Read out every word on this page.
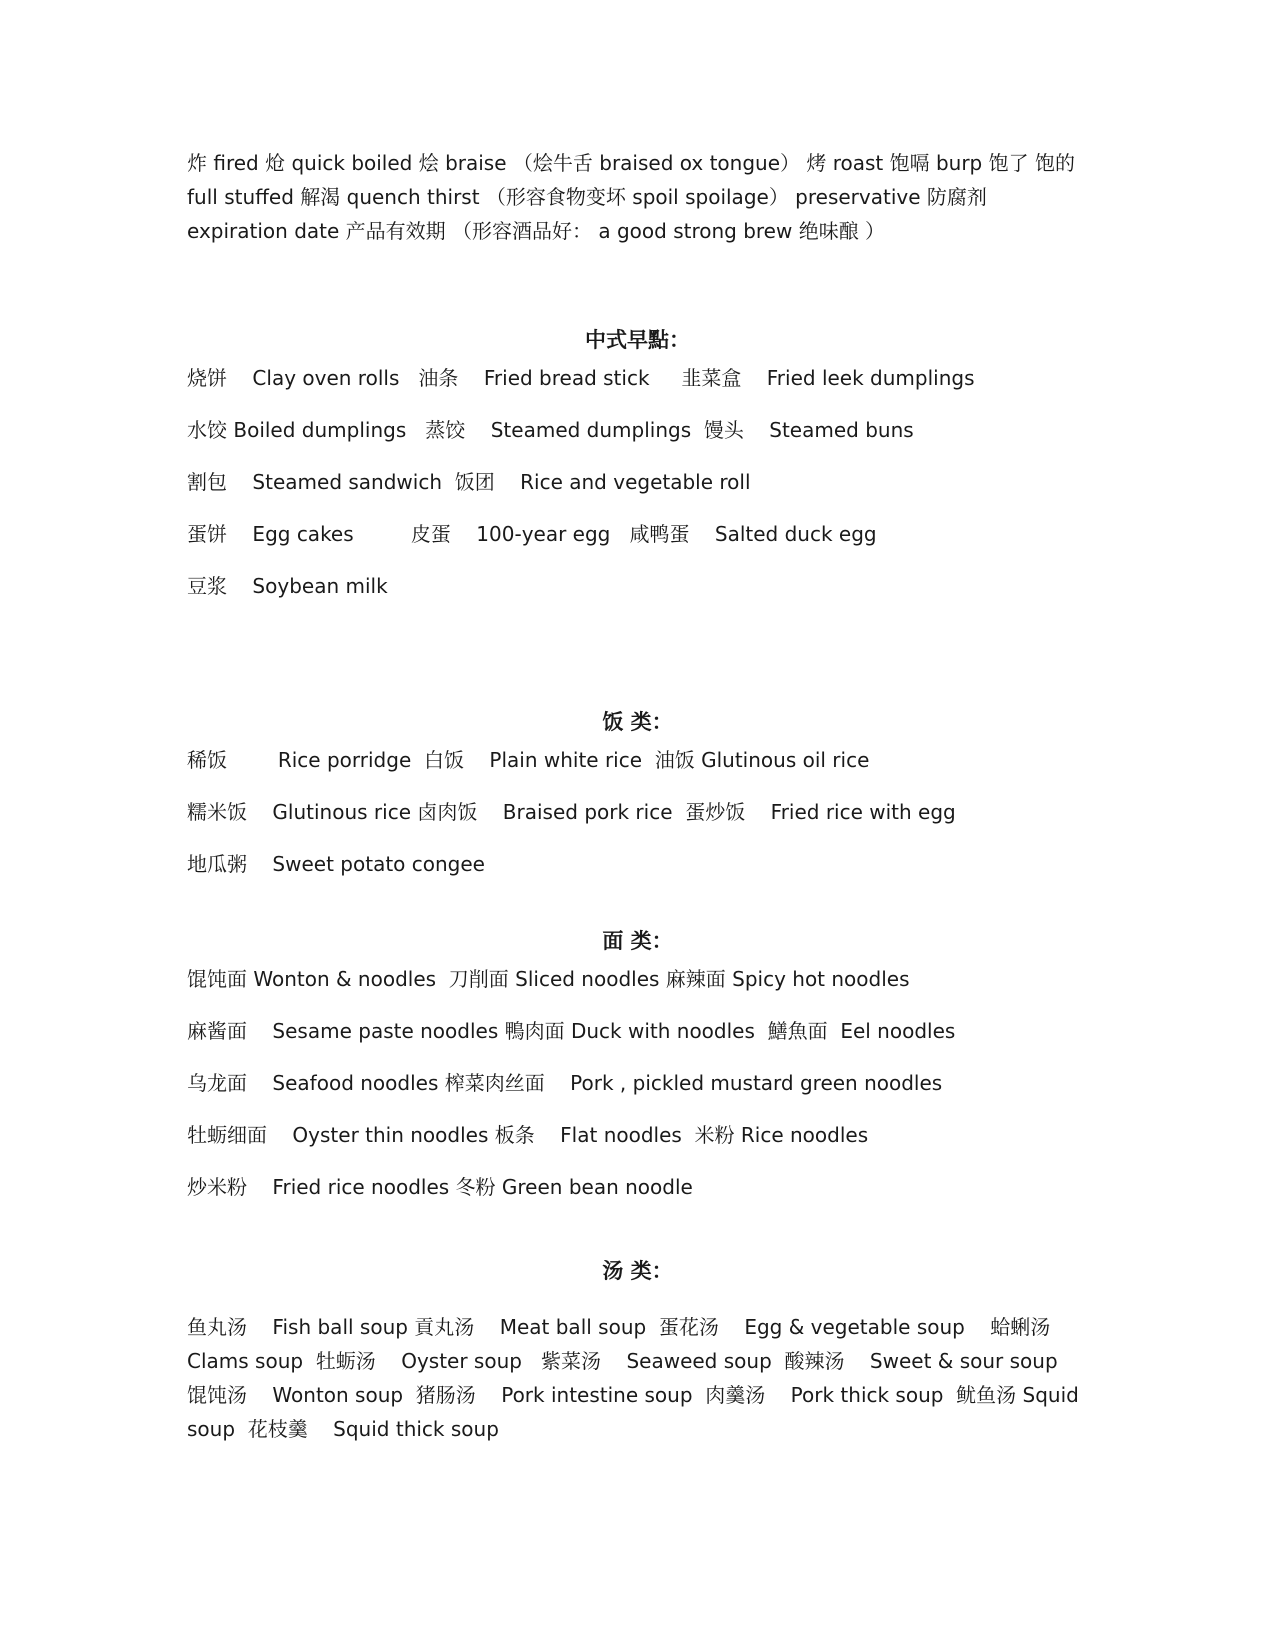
炸 fired 炝 quick boiled 烩 braise （烩牛舌 braised ox tongue） 烤 roast 饱嗝 burp 饱了 饱的 full stuffed 解渴 quench thirst （形容食物变坏 spoil spoilage） preservative 防腐剂 expiration date 产品有效期 （形容酒品好： a good strong brew 绝味酿 ）

中式早點：

烧饼    Clay oven rolls   油条    Fried bread stick     韭菜盒    Fried leek dumplings

水饺 Boiled dumplings   蒸饺    Steamed dumplings  馒头    Steamed buns

割包    Steamed sandwich  饭团    Rice and vegetable roll

蛋饼    Egg cakes         皮蛋    100-year egg   咸鸭蛋    Salted duck egg

豆浆    Soybean milk

饭 类：

稀饭        Rice porridge  白饭    Plain white rice  油饭 Glutinous oil rice

糯米饭    Glutinous rice 卤肉饭    Braised pork rice  蛋炒饭    Fried rice with egg

地瓜粥    Sweet potato congee

面 类：

馄饨面 Wonton & noodles  刀削面 Sliced noodles 麻辣面 Spicy hot noodles

麻酱面    Sesame paste noodles 鴨肉面 Duck with noodles  鱔魚面  Eel noodles

乌龙面    Seafood noodles 榨菜肉丝面    Pork , pickled mustard green noodles

牡蛎细面    Oyster thin noodles 板条    Flat noodles  米粉 Rice noodles

炒米粉    Fried rice noodles 冬粉 Green bean noodle

汤 类：

鱼丸汤    Fish ball soup 貢丸汤    Meat ball soup  蛋花汤    Egg & vegetable soup    蛤蜊汤 Clams soup  牡蛎汤    Oyster soup   紫菜汤    Seaweed soup  酸辣汤    Sweet & sour soup    馄饨汤    Wonton soup  猪肠汤    Pork intestine soup  肉羹汤    Pork thick soup  鱿鱼汤 Squid soup  花枝羹    Squid thick soup
